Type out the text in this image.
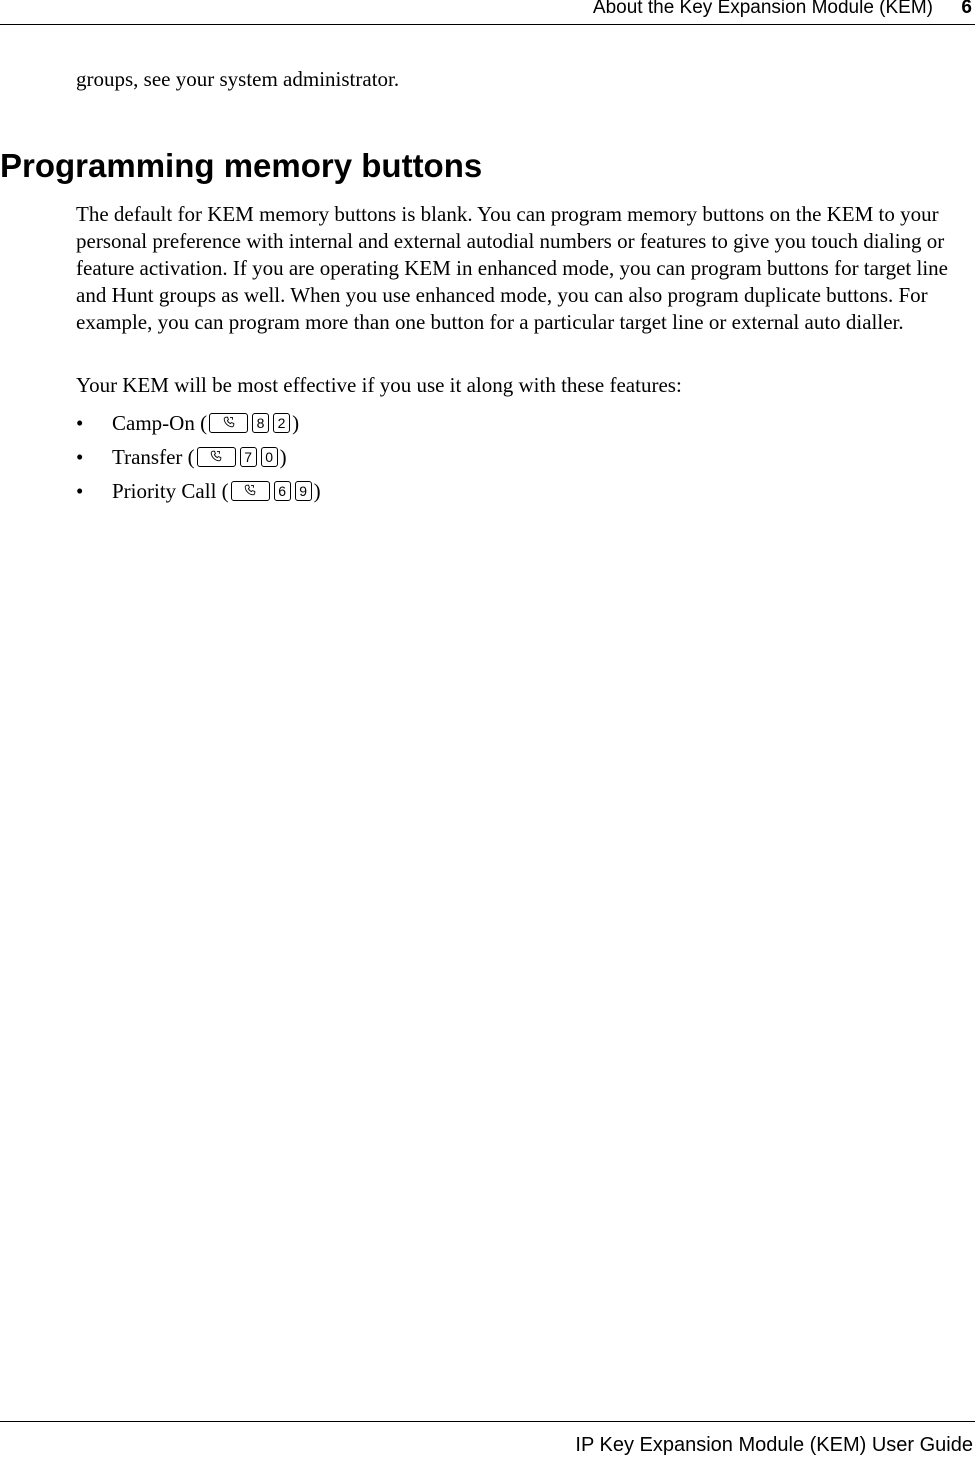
About the Key Expansion Module (KEM) 6

groups, see your system administrator.

Programming memory buttons

The default for KEM memory buttons is blank. You can program memory buttons on the KEM to your personal preference with internal and external autodial numbers or features to give you touch dialing or feature activation. If you are operating KEM in enhanced mode, you can program buttons for target line and Hunt groups as well. When you use enhanced mode, you can also program duplicate buttons. For example, you can program more than one button for a particular target line or external auto dialler.

Your KEM will be most effective if you use it along with these features:

• Camp-On (	8 2 )
• Transfer (	7 0 )
• Priority Call (	6 9 )
IP Key Expansion Module (KEM) User Guide
